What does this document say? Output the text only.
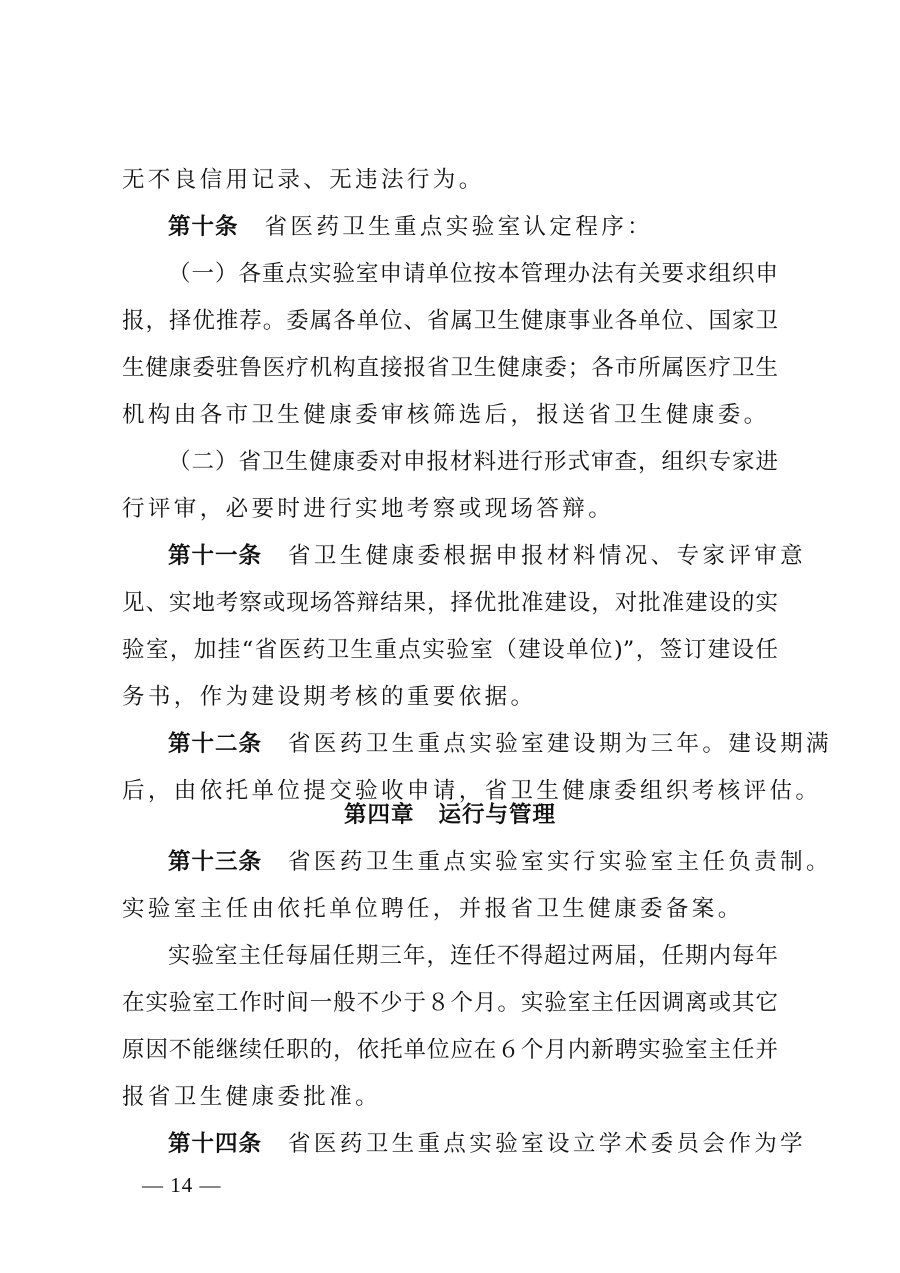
无不良信用记录、无违法行为。
第十条 省医药卫生重点实验室认定程序：
（一）各重点实验室申请单位按本管理办法有关要求组织申
报，择优推荐。委属各单位、省属卫生健康事业各单位、国家卫
生健康委驻鲁医疗机构直接报省卫生健康委；各市所属医疗卫生
机构由各市卫生健康委审核筛选后，报送省卫生健康委。
（二）省卫生健康委对申报材料进行形式审查，组织专家进
行评审，必要时进行实地考察或现场答辩。
第十一条 省卫生健康委根据申报材料情况、专家评审意
见、实地考察或现场答辩结果，择优批准建设，对批准建设的实
验室，加挂“省医药卫生重点实验室（建设单位)”，签订建设任
务书，作为建设期考核的重要依据。
第十二条 省医药卫生重点实验室建设期为三年。建设期满
后，由依托单位提交验收申请，省卫生健康委组织考核评估。
第四章 运行与管理
第十三条 省医药卫生重点实验室实行实验室主任负责制。
实验室主任由依托单位聘任，并报省卫生健康委备案。
实验室主任每届任期三年，连任不得超过两届，任期内每年
在实验室工作时间一般不少于８个月。实验室主任因调离或其它
原因不能继续任职的，依托单位应在６个月内新聘实验室主任并
报省卫生健康委批准。
第十四条 省医药卫生重点实验室设立学术委员会作为学
— 14 —
